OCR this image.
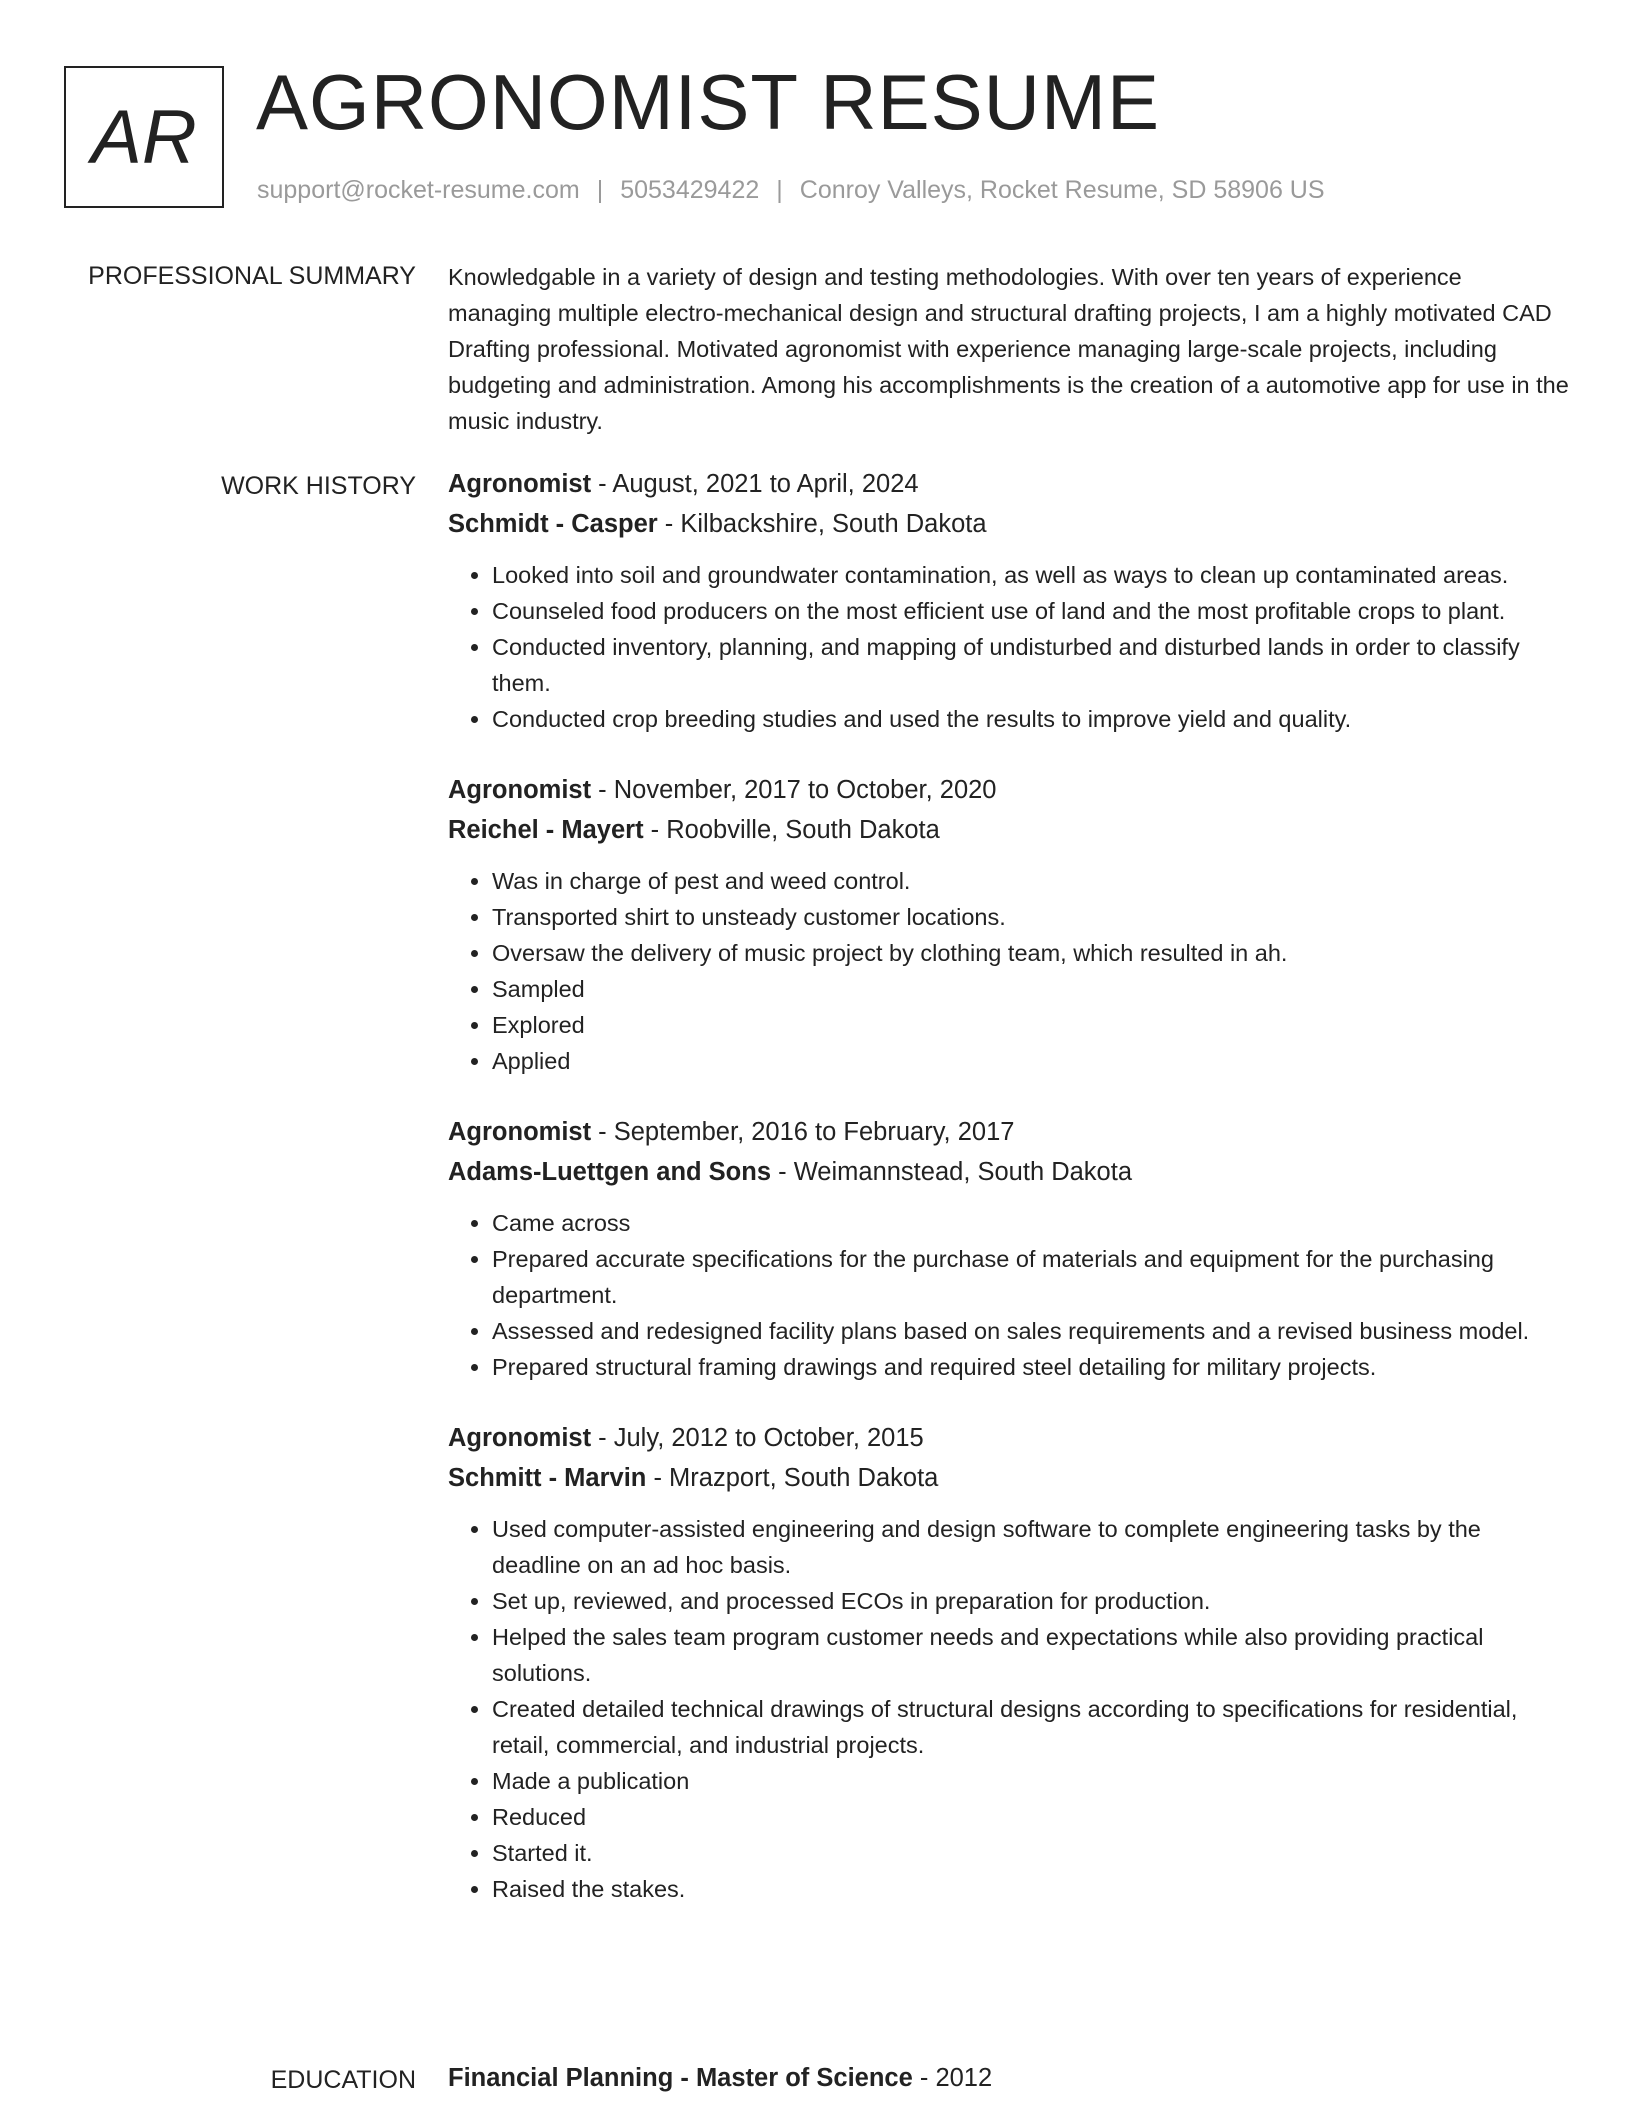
AR AGRONOMIST RESUME
support@rocket-resume.com | 5053429422 | Conroy Valleys, Rocket Resume, SD 58906 US
PROFESSIONAL SUMMARY Knowledgable in a variety of design and testing methodologies. With over ten years of experience managing multiple electro-mechanical design and structural drafting projects, I am a highly motivated CAD Drafting professional. Motivated agronomist with experience managing large-scale projects, including budgeting and administration. Among his accomplishments is the creation of a automotive app for use in the music industry.
WORK HISTORY Agronomist - August, 2021 to April, 2024
Schmidt - Casper - Kilbackshire, South Dakota
• Looked into soil and groundwater contamination, as well as ways to clean up contaminated areas.
• Counseled food producers on the most efficient use of land and the most profitable crops to plant.
• Conducted inventory, planning, and mapping of undisturbed and disturbed lands in order to classify them.
• Conducted crop breeding studies and used the results to improve yield and quality.
Agronomist - November, 2017 to October, 2020
Reichel - Mayert - Roobville, South Dakota
• Was in charge of pest and weed control.
• Transported shirt to unsteady customer locations.
• Oversaw the delivery of music project by clothing team, which resulted in ah.
• Sampled
• Explored
• Applied
Agronomist - September, 2016 to February, 2017
Adams-Luettgen and Sons - Weimannstead, South Dakota
• Came across
• Prepared accurate specifications for the purchase of materials and equipment for the purchasing department.
• Assessed and redesigned facility plans based on sales requirements and a revised business model.
• Prepared structural framing drawings and required steel detailing for military projects.
Agronomist - July, 2012 to October, 2015
Schmitt - Marvin - Mrazport, South Dakota
• Used computer-assisted engineering and design software to complete engineering tasks by the deadline on an ad hoc basis.
• Set up, reviewed, and processed ECOs in preparation for production.
• Helped the sales team program customer needs and expectations while also providing practical solutions.
• Created detailed technical drawings of structural designs according to specifications for residential, retail, commercial, and industrial projects.
• Made a publication
• Reduced
• Started it.
• Raised the stakes.
EDUCATION Financial Planning - Master of Science - 2012
